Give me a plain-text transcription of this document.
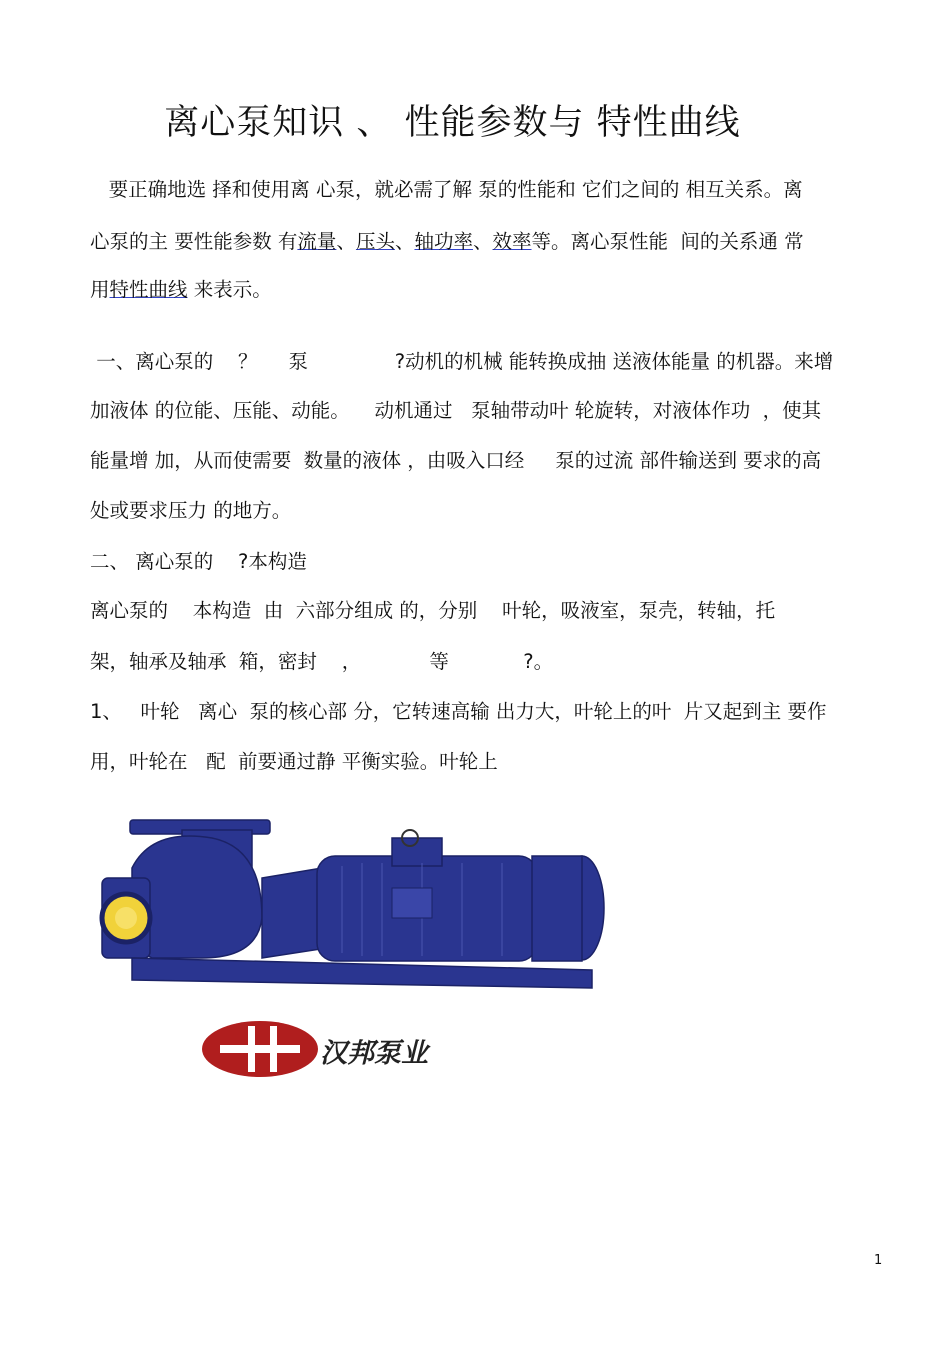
离心泵知识 、 性能参数与 特性曲线
要正确地选 择和使用离 心泵，就必需了解 泵的性能和 它们之间的 相互关系。离
心泵的主 要性能参数 有流量、压头、轴功率、效率等。离心泵性能  间的关系通 常
用特性曲线 来表示。
一、离心泵的    ？     泵              ?动机的机械 能转换成抽 送液体能量 的机器。来增
加液体 的位能、压能、动能。    动机通过   泵轴带动叶 轮旋转，对液体作功  ，使其
能量增 加，从而使需要  数量的液体 ，由吸入口经     泵的过流 部件输送到 要求的高
处或要求压力 的地方。
二、 离心泵的    ?本构造
离心泵的    本构造  由  六部分组成 的，分别    叶轮，吸液室，泵壳，转轴，托
架，轴承及轴承  箱，密封    ，           等            ?。
1、   叶轮   离心  泵的核心部 分，它转速高输 出力大，叶轮上的叶  片又起到主 要作
用，叶轮在   配  前要通过静 平衡实验。叶轮上
汉邦泵业
1
